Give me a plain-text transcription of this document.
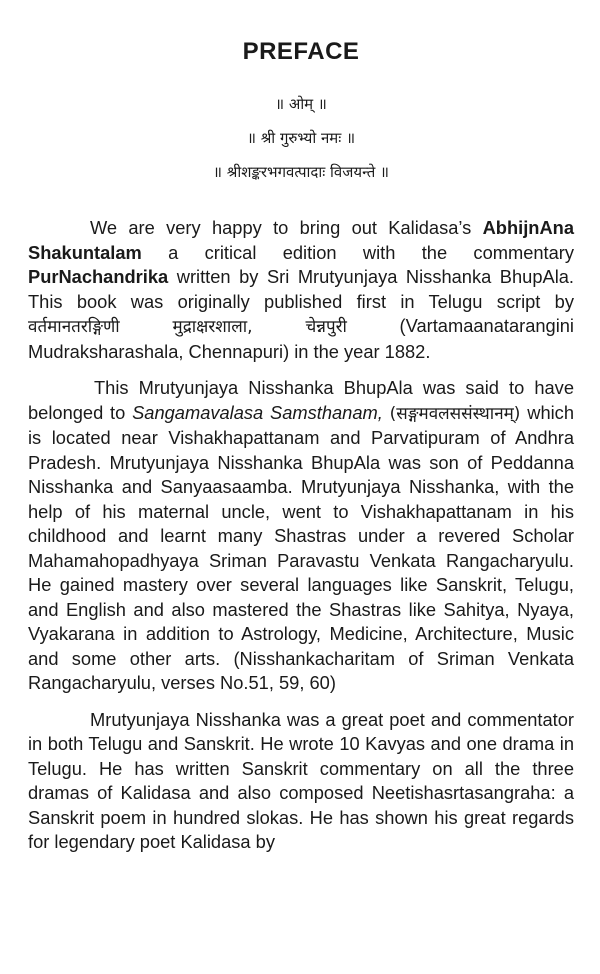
PREFACE

॥ ओम् ॥

॥ श्री गुरुभ्यो नमः ॥

॥ श्रीशङ्करभगवत्पादाः विजयन्ते ॥

We are very happy to bring out Kalidasa’s AbhijnAna Shakuntalam a critical edition with the commentary PurNachandrika written by Sri Mrutyunjaya Nisshanka BhupAla. This book was originally published first in Telugu script by वर्तमानतरङ्गिणी मुद्राक्षरशाला, चेन्नपुरी (Vartamaanatarangini Mudraksharashala, Chennapuri) in the year 1882.

This Mrutyunjaya Nisshanka BhupAla was said to have belonged to Sangamavalasa Samsthanam, (सङ्गमवलससंस्थानम्) which is located near Vishakhapattanam and Parvatipuram of Andhra Pradesh. Mrutyunjaya Nisshanka BhupAla was son of Peddanna Nisshanka and Sanyaasaamba. Mrutyunjaya Nisshanka, with the help of his maternal uncle, went to Vishakhapattanam in his childhood and learnt many Shastras under a revered Scholar Mahamahopadhyaya Sriman Paravastu Venkata Rangacharyulu. He gained mastery over several languages like Sanskrit, Telugu, and English and also mastered the Shastras like Sahitya, Nyaya, Vyakarana in addition to Astrology, Medicine, Architecture, Music and some other arts. (Nisshankacharitam of Sriman Venkata Rangacharyulu, verses No.51, 59, 60)

Mrutyunjaya Nisshanka was a great poet and commentator in both Telugu and Sanskrit. He wrote 10 Kavyas and one drama in Telugu. He has written Sanskrit commentary on all the three dramas of Kalidasa and also composed Neetishasrtasangraha: a Sanskrit poem in hundred slokas. He has shown his great regards for legendary poet Kalidasa by
